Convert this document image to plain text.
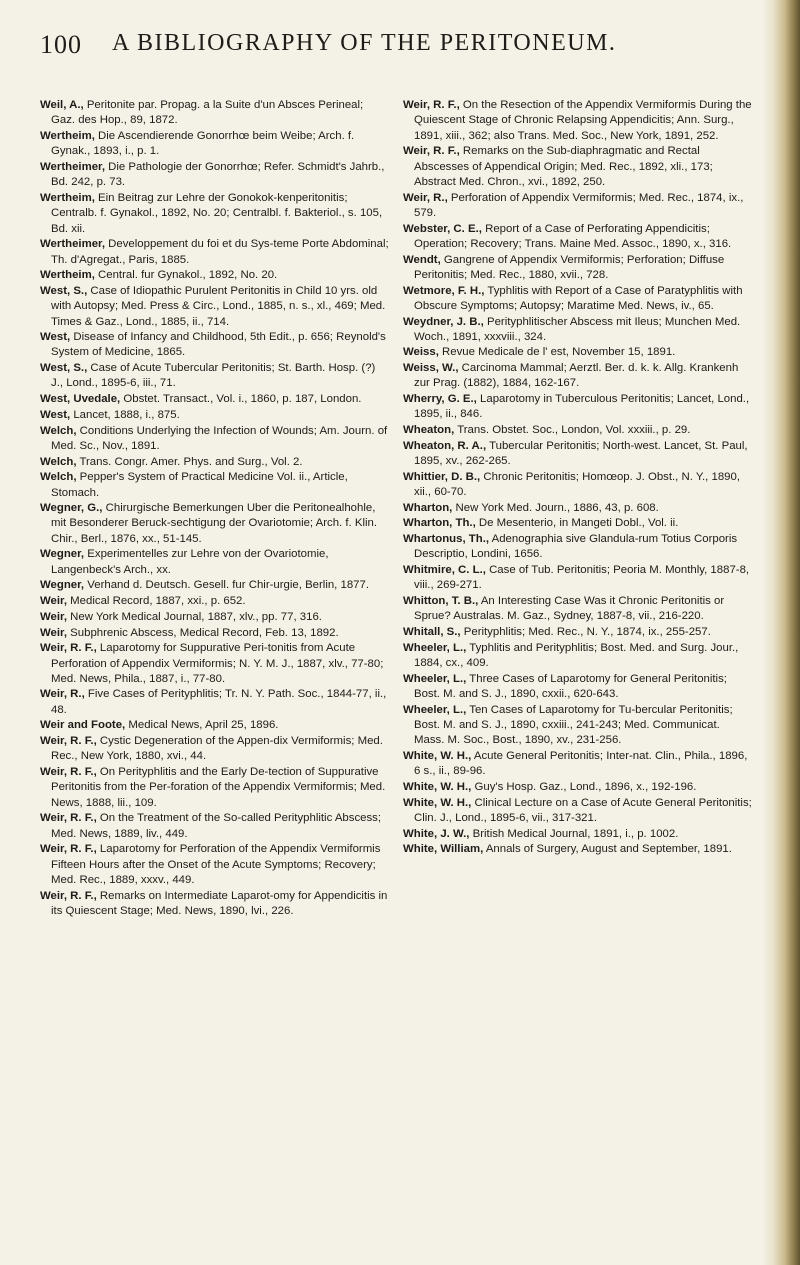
100 A BIBLIOGRAPHY OF THE PERITONEUM.

Weil, A., Peritonite par. Propag. a la Suite d'un Absces Perineal; Gaz. des Hop., 89, 1872.

Wertheim, Die Ascendierende Gonorrhœ beim Weibe; Arch. f. Gynak., 1893, i., p. 1.

Wertheimer, Die Pathologie der Gonorrhœ; Refer. Schmidt's Jahrb., Bd. 242, p. 73.

Wertheim, Ein Beitrag zur Lehre der Gonokok-kenperitonitis; Centralb. f. Gynakol., 1892, No. 20; Centralbl. f. Bakteriol., s. 105, Bd. xii.

Wertheimer, Developpement du foi et du Sys-teme Porte Abdominal; Th. d'Agregat., Paris, 1885.

Wertheim, Central. fur Gynakol., 1892, No. 20.

West, S., Case of Idiopathic Purulent Peritonitis in Child 10 yrs. old with Autopsy; Med. Press & Circ., Lond., 1885, n. s., xl., 469; Med. Times & Gaz., Lond., 1885, ii., 714.

West, Disease of Infancy and Childhood, 5th Edit., p. 656; Reynold's System of Medicine, 1865.

West, S., Case of Acute Tubercular Peritonitis; St. Barth. Hosp. (?) J., Lond., 1895-6, iii., 71.

West, Uvedale, Obstet. Transact., Vol. i., 1860, p. 187, London.

West, Lancet, 1888, i., 875.

Welch, Conditions Underlying the Infection of Wounds; Am. Journ. of Med. Sc., Nov., 1891.

Welch, Trans. Congr. Amer. Phys. and Surg., Vol. 2.

Welch, Pepper's System of Practical Medicine Vol. ii., Article, Stomach.

Wegner, G., Chirurgische Bemerkungen Uber die Peritonealhohle, mit Besonderer Beruck-sechtigung der Ovariotomie; Arch. f. Klin. Chir., Berl., 1876, xx., 51-145.

Wegner, Experimentelles zur Lehre von der Ovariotomie, Langenbeck's Arch., xx.

Wegner, Verhand d. Deutsch. Gesell. fur Chir-urgie, Berlin, 1877.

Weir, Medical Record, 1887, xxi., p. 652.

Weir, New York Medical Journal, 1887, xlv., pp. 77, 316.

Weir, Subphrenic Abscess, Medical Record, Feb. 13, 1892.

Weir, R. F., Laparotomy for Suppurative Peri-tonitis from Acute Perforation of Appendix Vermiformis; N. Y. M. J., 1887, xlv., 77-80; Med. News, Phila., 1887, i., 77-80.

Weir, R., Five Cases of Perityphlitis; Tr. N. Y. Path. Soc., 1844-77, ii., 48.

Weir and Foote, Medical News, April 25, 1896.

Weir, R. F., Cystic Degeneration of the Appen-dix Vermiformis; Med. Rec., New York, 1880, xvi., 44.

Weir, R. F., On Perityphlitis and the Early De-tection of Suppurative Peritonitis from the Per-foration of the Appendix Vermiformis; Med. News, 1888, lii., 109.

Weir, R. F., On the Treatment of the So-called Perityphlitic Abscess; Med. News, 1889, liv., 449.

Weir, R. F., Laparotomy for Perforation of the Appendix Vermiformis Fifteen Hours after the Onset of the Acute Symptoms; Recovery; Med. Rec., 1889, xxxv., 449.

Weir, R. F., Remarks on Intermediate Laparot-omy for Appendicitis in its Quiescent Stage; Med. News, 1890, lvi., 226.

Weir, R. F., On the Resection of the Appendix Vermiformis During the Quiescent Stage of Chronic Relapsing Appendicitis; Ann. Surg., 1891, xiii., 362; also Trans. Med. Soc., New York, 1891, 252.

Weir, R. F., Remarks on the Sub-diaphragmatic and Rectal Abscesses of Appendical Origin; Med. Rec., 1892, xli., 173; Abstract Med. Chron., xvi., 1892, 250.

Weir, R., Perforation of Appendix Vermiformis; Med. Rec., 1874, ix., 579.

Webster, C. E., Report of a Case of Perforating Appendicitis; Operation; Recovery; Trans. Maine Med. Assoc., 1890, x., 316.

Wendt, Gangrene of Appendix Vermiformis; Perforation; Diffuse Peritonitis; Med. Rec., 1880, xvii., 728.

Wetmore, F. H., Typhlitis with Report of a Case of Paratyphlitis with Obscure Symptoms; Autopsy; Maratime Med. News, iv., 65.

Weydner, J. B., Perityphlitischer Abscess mit Ileus; Munchen Med. Woch., 1891, xxxviii., 324.

Weiss, Revue Medicale de l' est, November 15, 1891.

Weiss, W., Carcinoma Mammal; Aerztl. Ber. d. k. k. Allg. Krankenh zur Prag. (1882), 1884, 162-167.

Wherry, G. E., Laparotomy in Tuberculous Peritonitis; Lancet, Lond., 1895, ii., 846.

Wheaton, Trans. Obstet. Soc., London, Vol. xxxiii., p. 29.

Wheaton, R. A., Tubercular Peritonitis; North-west. Lancet, St. Paul, 1895, xv., 262-265.

Whittier, D. B., Chronic Peritonitis; Homœop. J. Obst., N. Y., 1890, xii., 60-70.

Wharton, New York Med. Journ., 1886, 43, p. 608.

Wharton, Th., De Mesenterio, in Mangeti Dobl., Vol. ii.

Whartonus, Th., Adenographia sive Glandula-rum Totius Corporis Descriptio, Londini, 1656.

Whitmire, C. L., Case of Tub. Peritonitis; Peoria M. Monthly, 1887-8, viii., 269-271.

Whitton, T. B., An Interesting Case Was it Chronic Peritonitis or Sprue? Australas. M. Gaz., Sydney, 1887-8, vii., 216-220.

Whitall, S., Perityphlitis; Med. Rec., N. Y., 1874, ix., 255-257.

Wheeler, L., Typhlitis and Perityphlitis; Bost. Med. and Surg. Jour., 1884, cx., 409.

Wheeler, L., Three Cases of Laparotomy for General Peritonitis; Bost. M. and S. J., 1890, cxxii., 620-643.

Wheeler, L., Ten Cases of Laparotomy for Tu-bercular Peritonitis; Bost. M. and S. J., 1890, cxxiii., 241-243; Med. Communicat. Mass. M. Soc., Bost., 1890, xv., 231-256.

White, W. H., Acute General Peritonitis; Inter-nat. Clin., Phila., 1896, 6 s., ii., 89-96.

White, W. H., Guy's Hosp. Gaz., Lond., 1896, x., 192-196.

White, W. H., Clinical Lecture on a Case of Acute General Peritonitis; Clin. J., Lond., 1895-6, vii., 317-321.

White, J. W., British Medical Journal, 1891, i., p. 1002.

White, William, Annals of Surgery, August and September, 1891.
